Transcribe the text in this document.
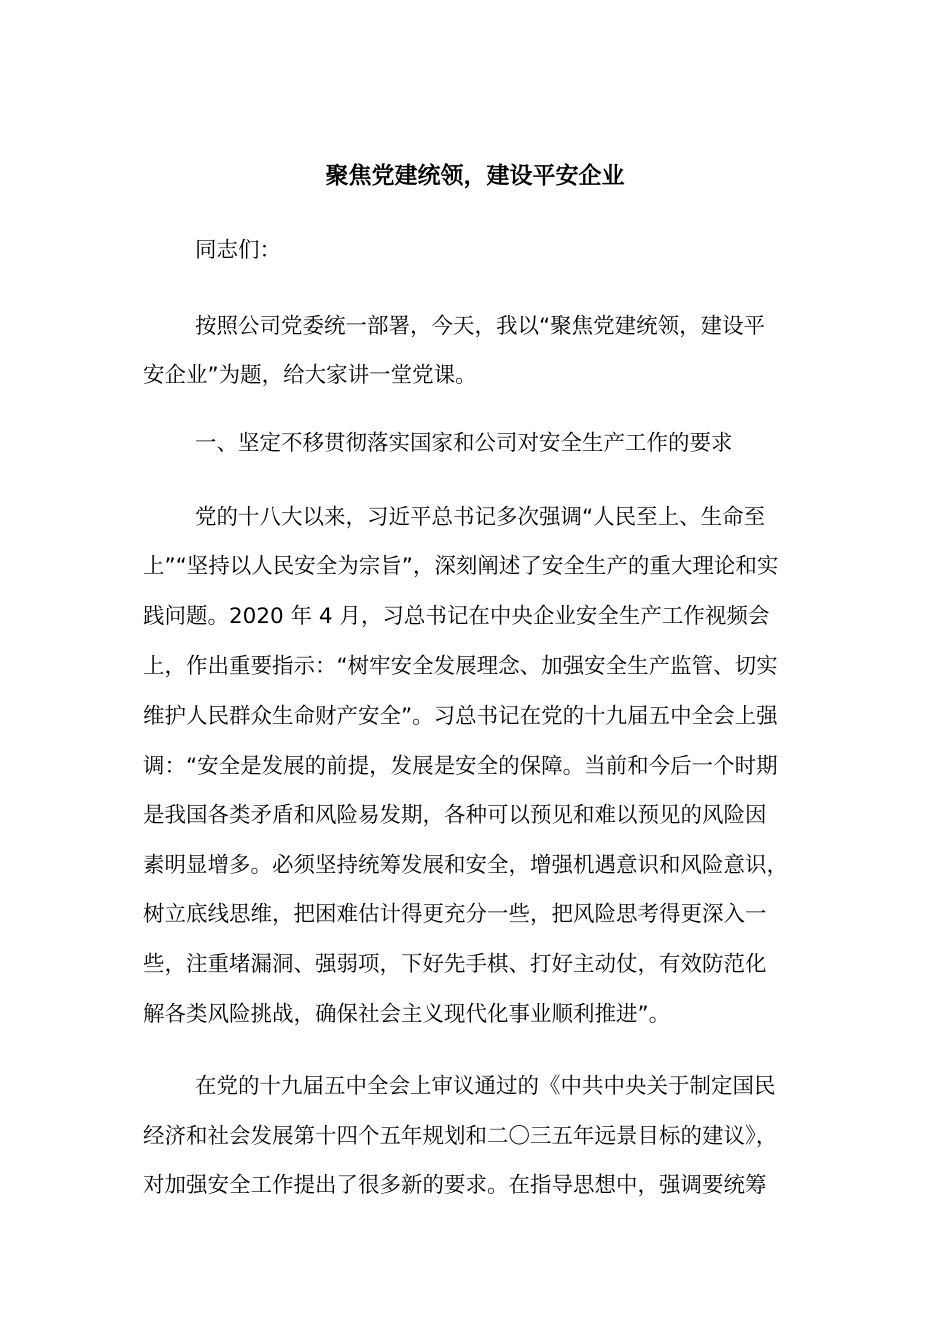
聚焦党建统领，建设平安企业
同志们：
按照公司党委统一部署，今天，我以“聚焦党建统领，建设平
安企业”为题，给大家讲一堂党课。
一、坚定不移贯彻落实国家和公司对安全生产工作的要求
党的十八大以来，习近平总书记多次强调“人民至上、生命至
上”“坚持以人民安全为宗旨”，深刻阐述了安全生产的重大理论和实
践问题。2020 年 4 月，习总书记在中央企业安全生产工作视频会
上，作出重要指示：“树牢安全发展理念、加强安全生产监管、切实
维护人民群众生命财产安全”。习总书记在党的十九届五中全会上强
调：“安全是发展的前提，发展是安全的保障。当前和今后一个时期
是我国各类矛盾和风险易发期，各种可以预见和难以预见的风险因
素明显增多。必须坚持统筹发展和安全，增强机遇意识和风险意识，
树立底线思维，把困难估计得更充分一些，把风险思考得更深入一
些，注重堵漏洞、强弱项，下好先手棋、打好主动仗，有效防范化
解各类风险挑战，确保社会主义现代化事业顺利推进”。
在党的十九届五中全会上审议通过的《中共中央关于制定国民
经济和社会发展第十四个五年规划和二〇三五年远景目标的建议》，
对加强安全工作提出了很多新的要求。在指导思想中，强调要统筹
